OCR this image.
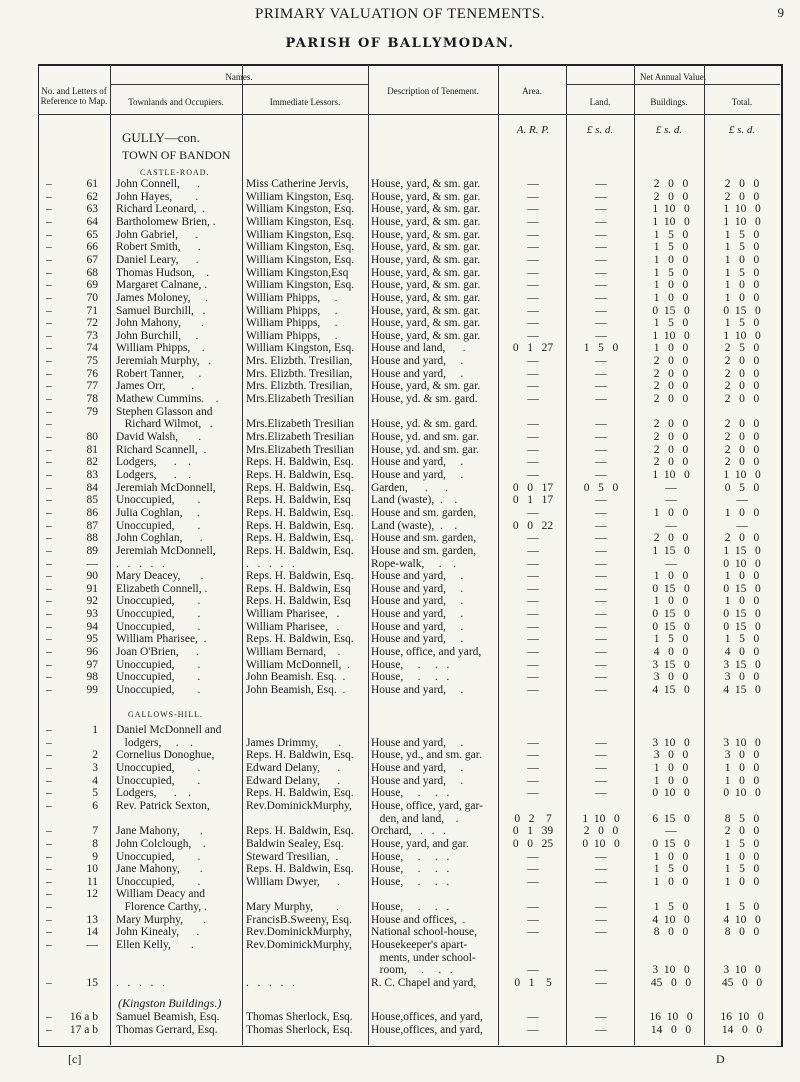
PRIMARY VALUATION OF TENEMENTS.	9
PARISH OF BALLYMODAN.
No. and Letters of Reference to Map.
Names.
Townlands and Occupiers.	Immediate Lessors.
Description of Tenement.	Area.
Net Annual Value.
Land.	Buildings.	Total.
A. R. P.	£ s. d.	£ s. d.	£ s. d.
GULLY—con.
TOWN OF BANDON
CASTLE-ROAD.
GALLOWS-HILL.
(Kingston Buildings.)
–	61 John Connell,      .	Miss Catherine Jervis,	House, yard, & sm. gar.	—	—	2   0   0	2   0   0
–	62 John Hayes,        .	William Kingston, Esq.	House, yard, & sm. gar.	—	—	2   0   0	2   0   0
–	63 Richard Leonard,  .	William Kingston, Esq.	House, yard, & sm. gar.	—	—	1  10   0	1  10   0
–	64 Bartholomew Brien, .	William Kingston, Esq.	House, yard, & sm. gar.	—	—	1  10   0	1  10   0
–	65 John Gabriel,      .	William Kingston, Esq.	House, yard, & sm. gar.	—	—	1   5   0	1   5   0
–	66 Robert Smith,      .	William Kingston, Esq.	House, yard, & sm. gar.	—	—	1   5   0	1   5   0
–	67 Daniel Leary,      .	William Kingston, Esq.	House, yard, & sm. gar.	—	—	1   0   0	1   0   0
–	68 Thomas Hudson,    .	William Kingston,Esq	House, yard, & sm. gar.	—	—	1   5   0	1   5   0
–	69 Margaret Calnane, .	William Kingston, Esq.	House, yard, & sm. gar.	—	—	1   0   0	1   0   0
–	70 James Moloney,     .	William Phipps,     .	House, yard, & sm. gar.	—	—	1   0   0	1   0   0
–	71 Samuel Burchill,   .	William Phipps,     .	House, yard, & sm. gar.	—	—	0  15   0	0  15   0
–	72 John Mahony,       .	William Phipps,     .	House, yard, & sm. gar.	—	—	1   5   0	1   5   0
–	73 John Burchill,     .	William Phipps,     .	House, yard, & sm. gar.	—	—	1  10   0	1  10   0
–	74 William Phipps,    .	William Kingston, Esq.	House and land,      .	0   1   27	1   5   0	1   0   0	2   5   0
–	75 Jeremiah Murphy,   .	Mrs. Elizbth. Tresilian,	House and yard,     .	—	—	2   0   0	2   0   0
–	76 Robert Tanner,     .	Mrs. Elizbth. Tresilian,	House and yard,     .	—	—	2   0   0	2   0   0
–	77 James Orr,         .	Mrs. Elizbth. Tresilian,	House, yard, & sm. gar.	—	—	2   0   0	2   0   0
–	78 Mathew Cummins.    .	Mrs.Elizabeth Tresilian	House, yd. & sm. gard.	—	—	2   0   0	2   0   0
–	79 Stephen Glasson and
–	Richard Wilmot,   .	Mrs.Elizabeth Tresilian	House, yd. & sm. gard.	—	—	2   0   0	2   0   0
–	80 David Walsh,       .	Mrs.Elizabeth Tresilian	House, yd. and sm. gar.	—	—	2   0   0	2   0   0
–	81 Richard Scannell,  .	Mrs.Elizabeth Tresilian	House, yd. and sm. gar.	—	—	2   0   0	2   0   0
–	82 Lodgers,      .    .	Reps. H. Baldwin, Esq.	House and yard,     .	—	—	2   0   0	2   0   0
–	83 Lodgers,      .    .	Reps. H. Baldwin, Esq.	House and yard,     .	—	—	1  10   0	1  10   0
–	84 Jeremiah McDonnell,	Reps. H. Baldwin, Esq.	Garden,      .      .	0   0   17	0   5   0	—	0   5   0
–	85 Unoccupied,        .	Reps. H. Baldwin, Esq	Land (waste),  .    .	0   1   17	—	—	—
–	86 Julia Coghlan,     .	Reps. H. Baldwin, Esq.	House and sm. garden,	—	—	1   0   0	1   0   0
–	87 Unoccupied,        .	Reps. H. Baldwin, Esq.	Land (waste),  .    .	0   0   22	—	—	—
–	88 John Coghlan,      .	Reps. H. Baldwin, Esq.	House and sm. garden,	—	—	2   0   0	2   0   0
–	89 Jeremiah McDonnell,	Reps. H. Baldwin, Esq.	House and sm. garden,	—	—	1  15   0	1  15   0
–	— .   .   .   .   .	.   .   .   .   .	Rope-walk,     .    .	—	—	—	0  10   0
–	90 Mary Deacey,       .	Reps. H. Baldwin, Esq.	House and yard,     .	—	—	1   0   0	1   0   0
–	91 Elizabeth Connell, .	Reps. H. Baldwin, Esq	House and yard,     .	—	—	0  15   0	0  15   0
–	92 Unoccupied,        .	Reps. H. Baldwin, Esq	House and yard,     .	—	—	1   0   0	1   0   0
–	93 Unoccupied,        .	William Pharisee,   .	House and yard,     .	—	—	0  15   0	0  15   0
–	94 Unoccupied,        .	William Pharisee,   .	House and yard,     .	—	—	0  15   0	0  15   0
–	95 William Pharisee,  .	Reps. H. Baldwin, Esq.	House and yard,     .	—	—	1   5   0	1   5   0
–	96 Joan O'Brien,      .	William Bernard,    .	House, office, and yard,	—	—	4   0   0	4   0   0
–	97 Unoccupied,        .	William McDonnell,  .	House,     .     .   .	—	—	3  15   0	3  15   0
–	98 Unoccupied,        .	John Beamish. Esq.  .	House,     .     .   .	—	—	3   0   0	3   0   0
–	99 Unoccupied,        .	John Beamish, Esq.  .	House and yard,     .	—	—	4  15   0	4  15   0
–	1 Daniel McDonnell and
–	lodgers,     .    .	James Drimmy,       .	House and yard,     .	—	—	3  10   0	3  10   0
–	2 Cornelius Donoghue,	Reps. H. Baldwin, Esq.	House, yd., and sm. gar.	—	—	3   0   0	3   0   0
–	3 Unoccupied,        .	Edward Delany,      .	House and yard,     .	—	—	1   0   0	1   0   0
–	4 Unoccupied,        .	Edward Delany,      .	House and yard,     .	—	—	1   0   0	1   0   0
–	5 Lodgers,      .    .	Reps. H. Baldwin, Esq.	House,     .     .   .	—	—	0  10   0	0  10   0
–	6 Rev. Patrick Sexton,	Rev.DominickMurphy,	House, office, yard, gar-
den, and land,    .	0   2    7	1  10   0	6  15   0	8   5   0
–	7 Jane Mahony,       .	Reps. H. Baldwin, Esq.	Orchard,   .   .   .	0   1   39	2   0   0	—	2   0   0
–	8 John Colclough,    .	Baldwin Sealey, Esq.	House, yard, and gar.	0   0   25	0  10   0	0  15   0	1   5   0
–	9 Unoccupied,        .	Steward Tresilian,  .	House,     .     .   .	—	—	1   0   0	1   0   0
–	10 Jane Mahony,       .	Reps. H. Baldwin, Esq.	House,     .     .   .	—	—	1   5   0	1   5   0
–	11 Unoccupied,        .	William Dwyer,      .	House,     .     .   .	—	—	1   0   0	1   0   0
–	12 William Deacy and
–	Florence Carthy, .	Mary Murphy,        .	House,     .     .   .	—	—	1   5   0	1   5   0
–	13 Mary Murphy,       .	FrancisB.Sweeny, Esq.	House and offices,  .	—	—	4  10   0	4  10   0
–	14 John Kinealy,      .	Rev.DominickMurphy,	National school-house,	—	—	8   0   0	8   0   0
–	— Ellen Kelly,       .	Rev.DominickMurphy,	Housekeeper's apart-
ments, under school-
room,     .     .   .	—	—	3  10   0	3  10   0
–	15 .   .   .   .   .	.   .   .   .   .	R. C. Chapel and yard,	0   1    5	—	45   0   0	45   0   0
–	16 a b Samuel Beamish, Esq.	Thomas Sherlock, Esq.	House,offices, and yard,	—	—	16  10   0	16  10   0
–	17 a b Thomas Gerrard, Esq.	Thomas Sherlock, Esq.	House,offices, and yard,	—	—	14   0   0	14   0   0
[c]	D
